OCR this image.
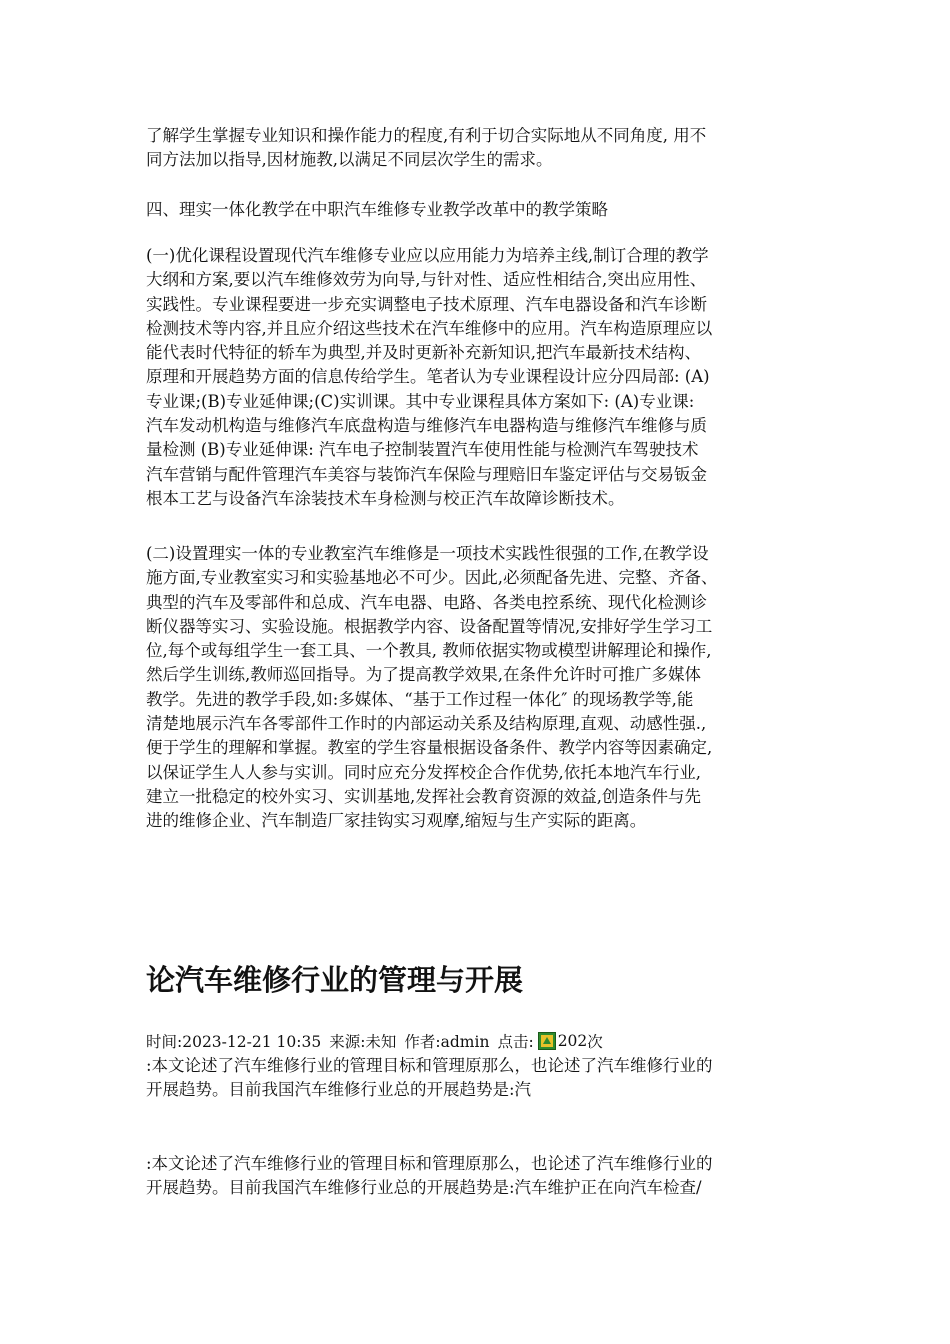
了解学生掌握专业知识和操作能力的程度,有利于切合实际地从不同角度, 用不
同方法加以指导,因材施教,以满足不同层次学生的需求。

四、理实一体化教学在中职汽车维修专业教学改革中的教学策略

(一)优化课程设置现代汽车维修专业应以应用能力为培养主线,制订合理的教学
大纲和方案,要以汽车维修效劳为向导,与针对性、适应性相结合,突出应用性、
实践性。专业课程要进一步充实调整电子技术原理、汽车电器设备和汽车诊断
检测技术等内容,并且应介绍这些技术在汽车维修中的应用。汽车构造原理应以
能代表时代特征的轿车为典型,并及时更新补充新知识,把汽车最新技术结构、
原理和开展趋势方面的信息传给学生。笔者认为专业课程设计应分四局部: (A)
专业课;(B)专业延伸课;(C)实训课。其中专业课程具体方案如下: (A)专业课:
汽车发动机构造与维修汽车底盘构造与维修汽车电器构造与维修汽车维修与质
量检测 (B)专业延伸课: 汽车电子控制装置汽车使用性能与检测汽车驾驶技术
汽车营销与配件管理汽车美容与装饰汽车保险与理赔旧车鉴定评估与交易钣金
根本工艺与设备汽车涂装技术车身检测与校正汽车故障诊断技术。

(二)设置理实一体的专业教室汽车维修是一项技术实践性很强的工作,在教学设
施方面,专业教室实习和实验基地必不可少。因此,必须配备先进、完整、齐备、
典型的汽车及零部件和总成、汽车电器、电路、各类电控系统、现代化检测诊
断仪器等实习、实验设施。根据教学内容、设备配置等情况,安排好学生学习工
位,每个或每组学生一套工具、一个教具, 教师依据实物或模型讲解理论和操作,
然后学生训练,教师巡回指导。为了提高教学效果,在条件允许时可推广多媒体
教学。先进的教学手段,如:多媒体、“基于工作过程一体化″ 的现场教学等,能
清楚地展示汽车各零部件工作时的内部运动关系及结构原理,直观、动感性强.,
便于学生的理解和掌握。教室的学生容量根据设备条件、教学内容等因素确定,
以保证学生人人参与实训。同时应充分发挥校企合作优势,依托本地汽车行业,
建立一批稳定的校外实习、实训基地,发挥社会教育资源的效益,创造条件与先
进的维修企业、汽车制造厂家挂钩实习观摩,缩短与生产实际的距离。

论汽车维修行业的管理与开展
时间:2023-12-21 10:35 来源:未知 作者:admin 点击: 202 次

:本文论述了汽车维修行业的管理目标和管理原那么，也论述了汽车维修行业的
开展趋势。目前我国汽车维修行业总的开展趋势是:汽

:本文论述了汽车维修行业的管理目标和管理原那么，也论述了汽车维修行业的
开展趋势。目前我国汽车维修行业总的开展趋势是:汽车维护正在向汽车检查/
